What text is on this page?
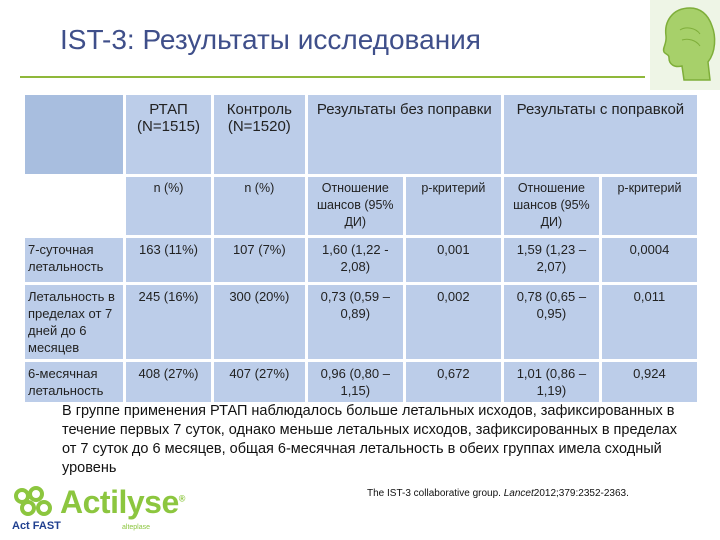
IST-3: Результаты исследования
	РТАП (N=1515)	Контроль (N=1520)	Результаты без поправки		Результаты с поправкой	
	n (%)	n (%)	Отношение шансов (95% ДИ)	р-критерий	Отношение шансов (95% ДИ)	р-критерий
7-суточная летальность	163 (11%)	107 (7%)	1,60 (1,22 - 2,08)	0,001	1,59 (1,23 – 2,07)	0,0004
Летальность в пределах от 7 дней до 6 месяцев	245 (16%)	300 (20%)	0,73 (0,59 – 0,89)	0,002	0,78 (0,65 – 0,95)	0,011
6-месячная летальность	408 (27%)	407 (27%)	0,96 (0,80 – 1,15)	0,672	1,01 (0,86 – 1,19)	0,924
В группе применения РТАП наблюдалось больше летальных исходов, зафиксированных в течение первых 7 суток, однако меньше летальных исходов, зафиксированных в пределах от 7 суток до 6 месяцев, общая 6-месячная летальность в обеих группах имела сходный уровень
The IST-3 collaborative group. Lancet2012;379:2352-2363.
Actilyse®
Act FAST	alteplase
